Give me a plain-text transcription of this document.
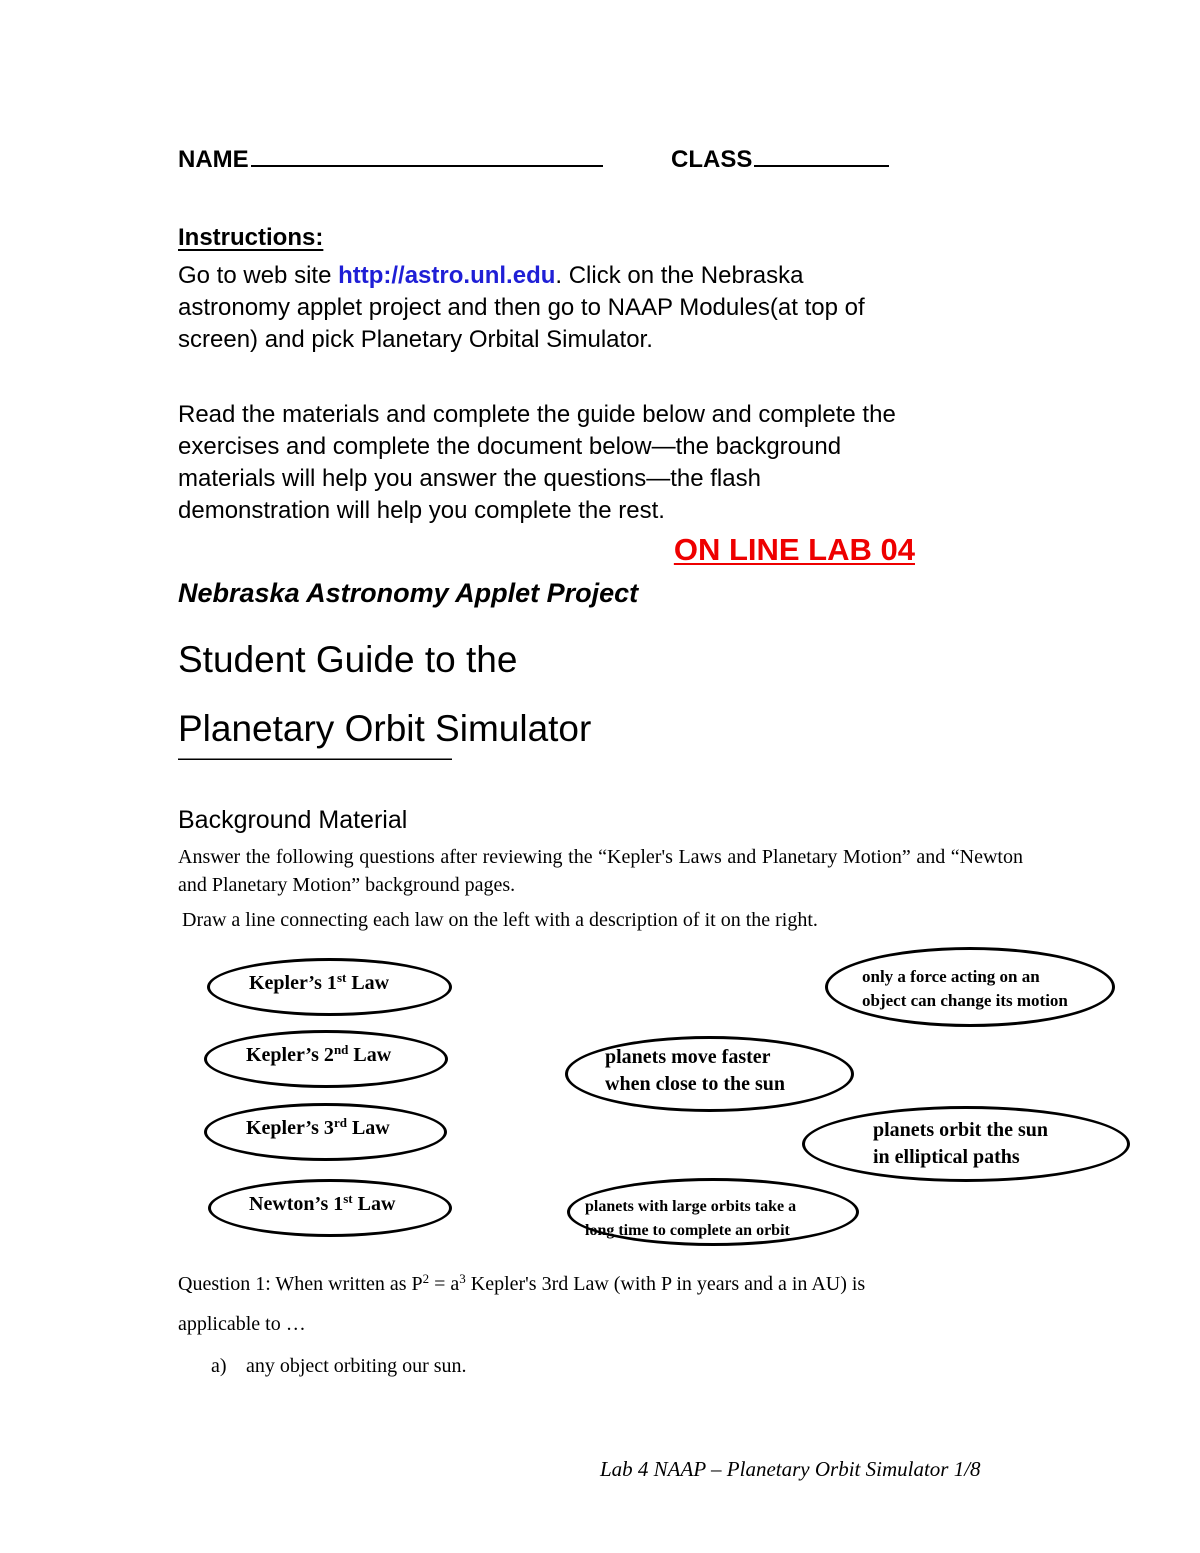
NAME	CLASS
Instructions:
Go to web site http://astro.unl.edu. Click on the Nebraska
astronomy applet project and then go to NAAP Modules(at top of
screen) and pick Planetary Orbital Simulator.
Read the materials and complete the guide below and complete the
exercises and complete the document below—the background
materials will help you answer the questions—the flash
demonstration will help you complete the rest.
ON LINE LAB 04
Nebraska Astronomy Applet Project
Student Guide to the
Planetary Orbit Simulator
—————————————
Background Material
Answer the following questions after reviewing the “Kepler's Laws and Planetary Motion” and “Newton and Planetary Motion” background pages.
Draw a line connecting each law on the left with a description of it on the right.
Kepler’s 1st Law
Kepler’s 2nd Law
Kepler’s 3rd Law
Newton’s 1st Law
only a force acting on an
object can change its motion
planets move faster
when close to the sun
planets orbit the sun
in elliptical paths
planets with large orbits take a
long time to complete an orbit
Question 1: When written as $P^2 = a^3$ Kepler's 3rd Law (with P in years and a in AU) is
applicable to …
a) any object orbiting our sun.
Lab 4 NAAP – Planetary Orbit Simulator 1/8
